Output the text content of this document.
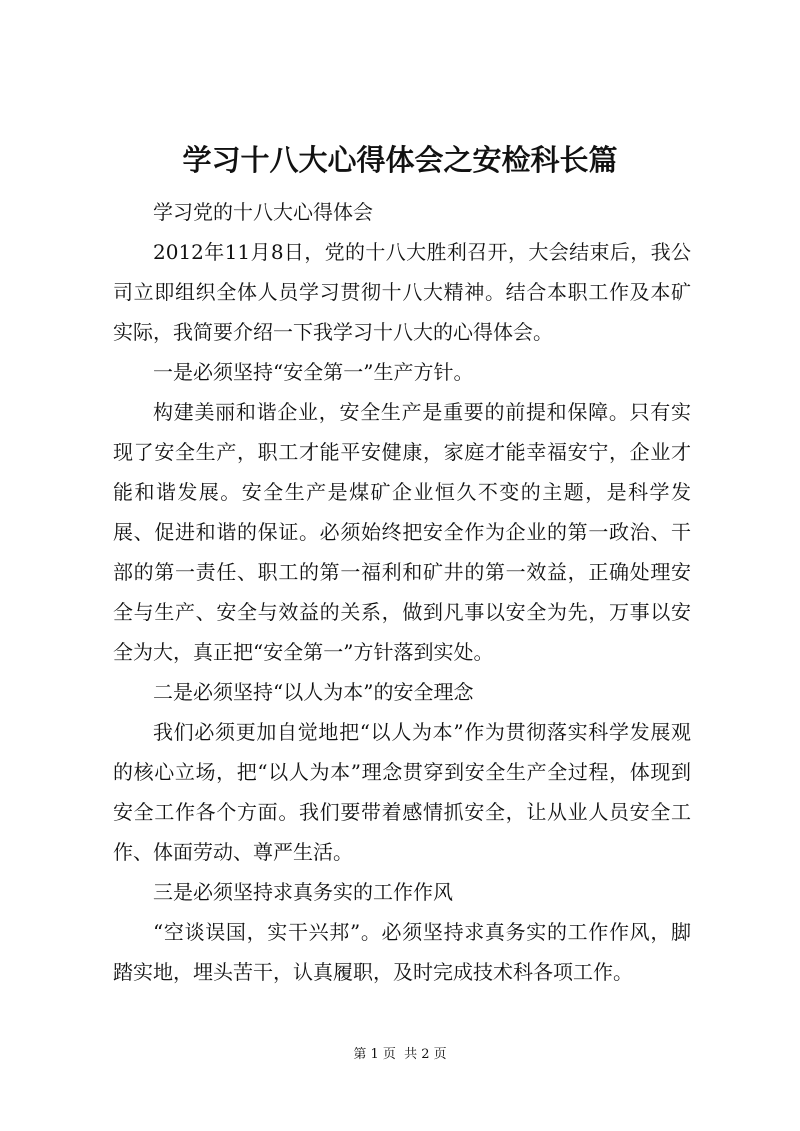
学习十八大心得体会之安检科长篇

学习党的十八大心得体会

2012年11月8日，党的十八大胜利召开，大会结束后，我公司立即组织全体人员学习贯彻十八大精神。结合本职工作及本矿实际，我简要介绍一下我学习十八大的心得体会。

一是必须坚持“安全第一”生产方针。

构建美丽和谐企业，安全生产是重要的前提和保障。只有实现了安全生产，职工才能平安健康，家庭才能幸福安宁，企业才能和谐发展。安全生产是煤矿企业恒久不变的主题，是科学发展、促进和谐的保证。必须始终把安全作为企业的第一政治、干部的第一责任、职工的第一福利和矿井的第一效益，正确处理安全与生产、安全与效益的关系，做到凡事以安全为先，万事以安全为大，真正把“安全第一”方针落到实处。

二是必须坚持“以人为本”的安全理念

我们必须更加自觉地把“以人为本”作为贯彻落实科学发展观的核心立场，把“以人为本”理念贯穿到安全生产全过程，体现到安全工作各个方面。我们要带着感情抓安全，让从业人员安全工作、体面劳动、尊严生活。

三是必须坚持求真务实的工作作风

“空谈误国，实干兴邦”。必须坚持求真务实的工作作风，脚踏实地，埋头苦干，认真履职，及时完成技术科各项工作。

第 1 页  共 2 页
